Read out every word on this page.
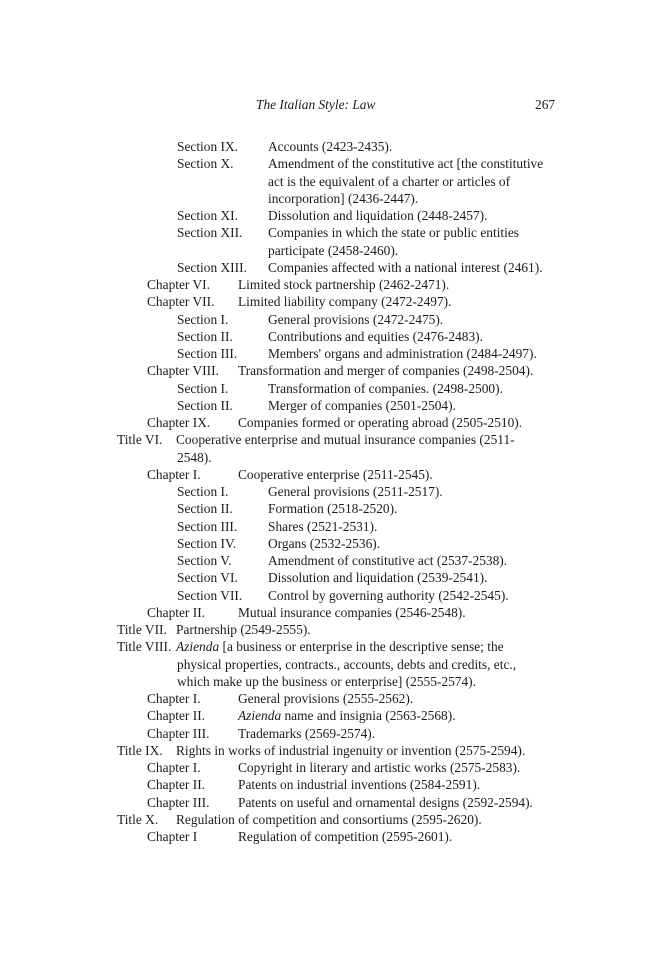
The Italian Style: Law	267
Section IX. Accounts (2423-2435).
Section X.	Amendment of the constitutive act [the constitutive act is the equivalent of a charter or articles of incorporation] (2436-2447).
Section XI. Dissolution and liquidation (2448-2457).
Section XII. Companies in which the state or public entities participate (2458-2460).
Section XIII. Companies affected with a national interest (2461).
Chapter VI. Limited stock partnership (2462-2471).
Chapter VII. Limited liability company (2472-2497).
Section I.	General provisions (2472-2475).
Section II.	Contributions and equities (2476-2483).
Section III. Members' organs and administration (2484-2497).
Chapter VIII. Transformation and merger of companies (2498-2504).
Section I.	Transformation of companies. (2498-2500).
Section II.	Merger of companies (2501-2504).
Chapter IX. Companies formed or operating abroad (2505-2510).
Title VI. Cooperative enterprise and mutual insurance companies (2511-2548).
Chapter I.	Cooperative enterprise (2511-2545).
Section I.	General provisions (2511-2517).
Section II.	Formation (2518-2520).
Section III. Shares (2521-2531).
Section IV. Organs (2532-2536).
Section V.	Amendment of constitutive act (2537-2538).
Section VI. Dissolution and liquidation (2539-2541).
Section VII. Control by governing authority (2542-2545).
Chapter II. Mutual insurance companies (2546-2548).
Title VII. Partnership (2549-2555).
Title VIII. Azienda [a business or enterprise in the descriptive sense; the physical properties, contracts., accounts, debts and credits, etc., which make up the business or enterprise] (2555-2574).
Chapter I.	General provisions (2555-2562).
Chapter II. Azienda name and insignia (2563-2568).
Chapter III. Trademarks (2569-2574).
Title IX. Rights in works of industrial ingenuity or invention (2575-2594).
Chapter I.	Copyright in literary and artistic works (2575-2583).
Chapter II. Patents on industrial inventions (2584-2591).
Chapter III. Patents on useful and ornamental designs (2592-2594).
Title X. Regulation of competition and consortiums (2595-2620).
Chapter I	Regulation of competition (2595-2601).
